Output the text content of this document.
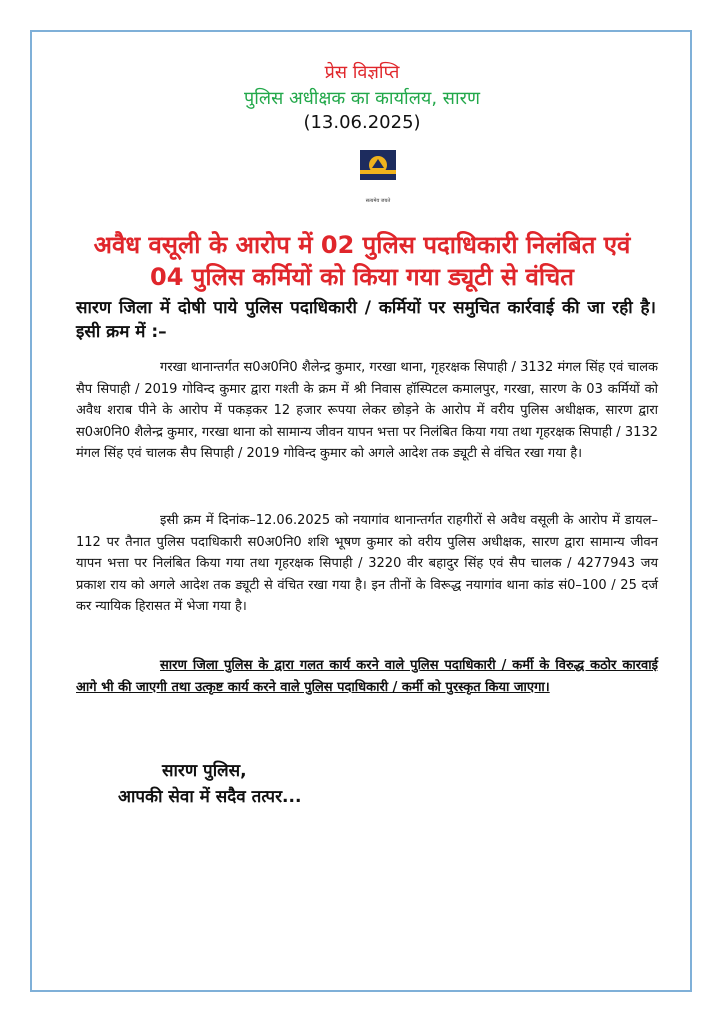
प्रेस विज्ञप्ति
पुलिस अधीक्षक का कार्यालय, सारण
(13.06.2025)
सत्यमेव जयते
अवैध वसूली के आरोप में 02 पुलिस पदाधिकारी निलंबित एवं
04 पुलिस कर्मियों को किया गया ड्यूटी से वंचित
सारण जिला में दोषी पाये पुलिस पदाधिकारी / कर्मियों पर समुचित कार्रवाई की जा रही है। इसी क्रम में :–
गरखा थानान्तर्गत स0अ0नि0 शैलेन्द्र कुमार, गरखा थाना, गृहरक्षक सिपाही / 3132 मंगल सिंह एवं चालक सैप सिपाही / 2019 गोविन्द कुमार द्वारा गश्ती के क्रम में श्री निवास हॉस्पिटल कमालपुर, गरखा, सारण के 03 कर्मियों को अवैध शराब पीने के आरोप में पकड़कर 12 हजार रूपया लेकर छोड़ने के आरोप में वरीय पुलिस अधीक्षक, सारण द्वारा स0अ0नि0 शैलेन्द्र कुमार, गरखा थाना को सामान्य जीवन यापन भत्ता पर निलंबित किया गया तथा गृहरक्षक सिपाही / 3132 मंगल सिंह एवं चालक सैप सिपाही / 2019 गोविन्द कुमार को अगले आदेश तक ड्यूटी से वंचित रखा गया है।
इसी क्रम में दिनांक–12.06.2025 को नयागांव थानान्तर्गत राहगीरों से अवैध वसूली के आरोप में डायल–112 पर तैनात पुलिस पदाधिकारी स0अ0नि0 शशि भूषण कुमार को वरीय पुलिस अधीक्षक, सारण द्वारा सामान्य जीवन यापन भत्ता पर निलंबित किया गया तथा गृहरक्षक सिपाही / 3220 वीर बहादुर सिंह एवं सैप चालक / 4277943 जय प्रकाश राय को अगले आदेश तक ड्यूटी से वंचित रखा गया है। इन तीनों के विरूद्ध नयागांव थाना कांड सं0–100 / 25 दर्ज कर न्यायिक हिरासत में भेजा गया है।
सारण जिला पुलिस के द्वारा गलत कार्य करने वाले पुलिस पदाधिकारी / कर्मी के विरुद्ध कठोर कारवाई आगे भी की जाएगी तथा उत्कृष्ट कार्य करने वाले पुलिस पदाधिकारी / कर्मी को पुरस्कृत किया जाएगा।
सारण पुलिस,
आपकी सेवा में सदैव तत्पर...
